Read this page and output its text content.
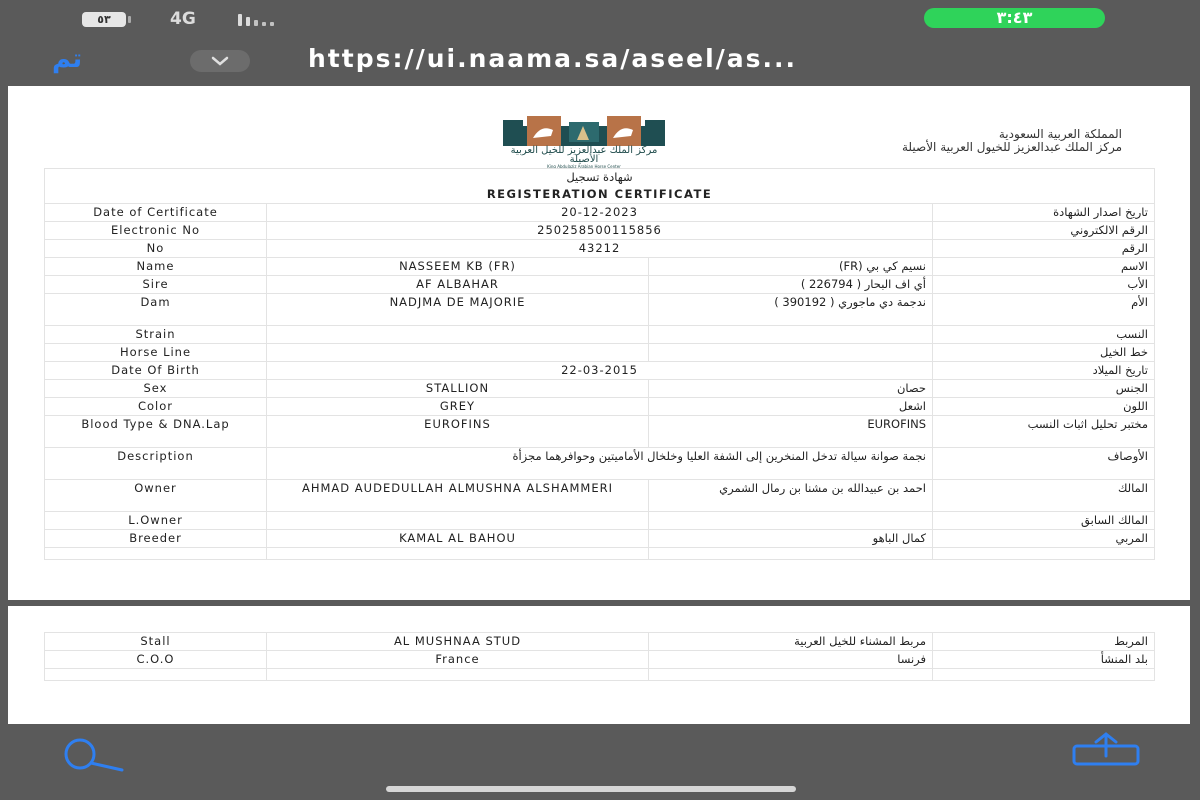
٥٣	4G	٣:٤٣
تم	https://ui.naama.sa/aseel/as...
المملكة العربية السعودية
مركز الملك عبدالعزيز للخيول العربية الأصيلة
مركز الملك عبدالعزيز للخيل العربية الأصيلة
King Abdulaziz Arabian Horse Center
شهادة تسجيل			

REGISTERATION CERTIFICATE			

Date of Certificate	20-12-2023		تاريخ اصدار الشهادة
Electronic No	250258500115856		الرقم الالكتروني
No	43212		الرقم
Name	NASSEEM KB (FR)	نسيم كي بي (FR)	الاسم
Sire	AF ALBAHAR	أي اف البحار ( 226794 )	الأب
Dam	NADJMA DE MAJORIE	ندجمة دي ماجوري ( 390192 )	الأم
Strain			النسب
Horse Line			خط الخيل
Date Of Birth	22-03-2015		تاريخ الميلاد
Sex	STALLION	حصان	الجنس
Color	GREY	اشعل	اللون
Blood Type & DNA.Lap	EUROFINS	EUROFINS	مختبر تحليل اثبات النسب
Description	نجمة صوانة سيالة تدخل المنخرين إلى الشفة العليا وخلخال الأماميتين وحوافرهما مجزأة		الأوصاف
Owner	AHMAD AUDEDULLAH ALMUSHNA ALSHAMMERI	احمد بن عبيدالله بن مشنا بن رمال الشمري	المالك
L.Owner			المالك السابق
Breeder	KAMAL AL BAHOU	كمال الباهو	المربي

Stall	AL MUSHNAA STUD	مربط المشناء للخيل العربية	المربط
C.O.O	France	فرنسا	بلد المنشأ
